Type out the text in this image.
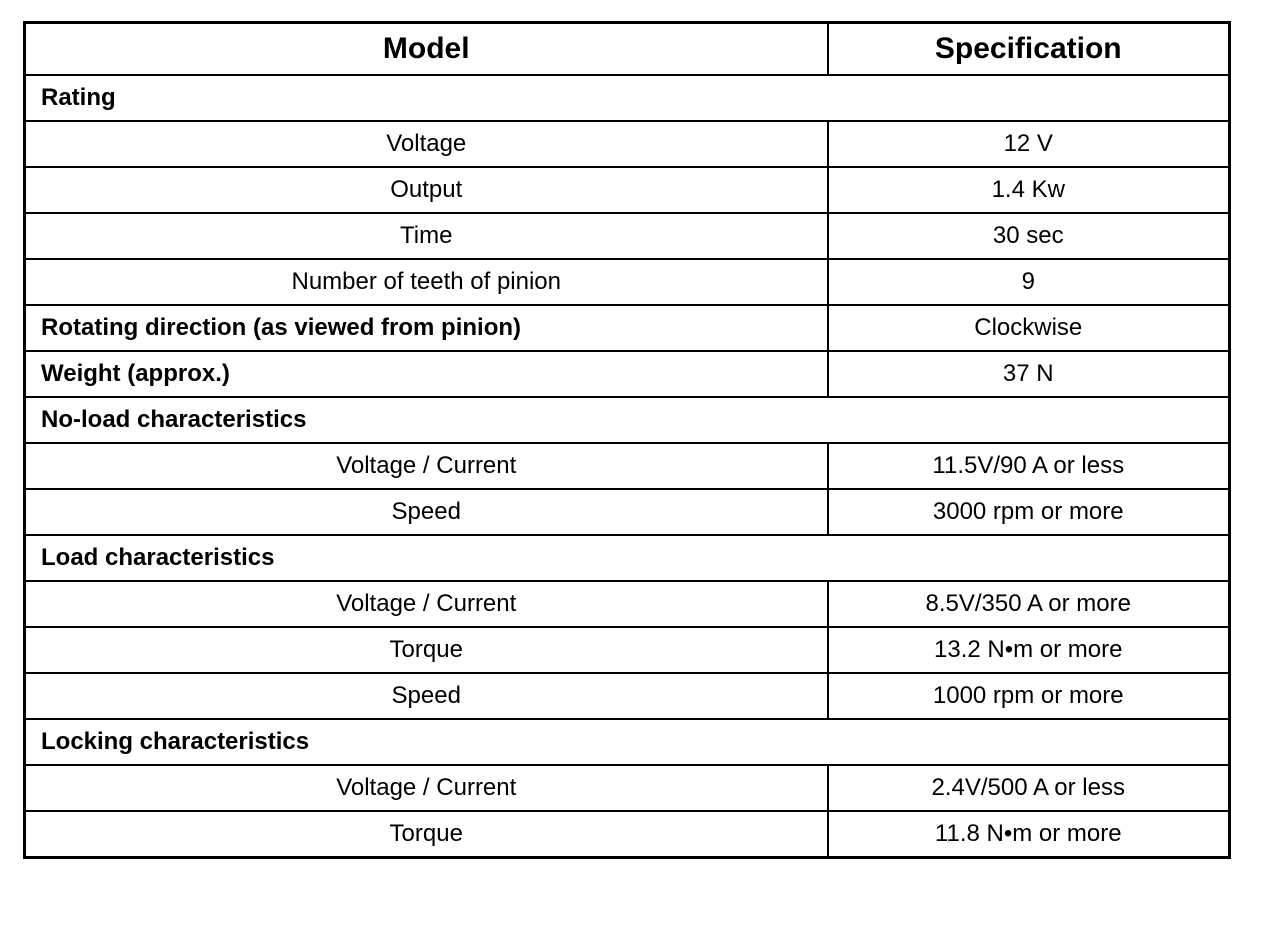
Model	Specification
Rating	
Voltage	12 V
Output	1.4 Kw
Time	30 sec
Number of teeth of pinion	9
Rotating direction (as viewed from pinion)	Clockwise
Weight (approx.)	37 N
No-load characteristics	
Voltage / Current	11.5V/90 A or less
Speed	3000 rpm or more
Load characteristics	
Voltage / Current	8.5V/350 A or more
Torque	13.2 N•m or more
Speed	1000 rpm or more
Locking characteristics	
Voltage / Current	2.4V/500 A or less
Torque	11.8 N•m or more
